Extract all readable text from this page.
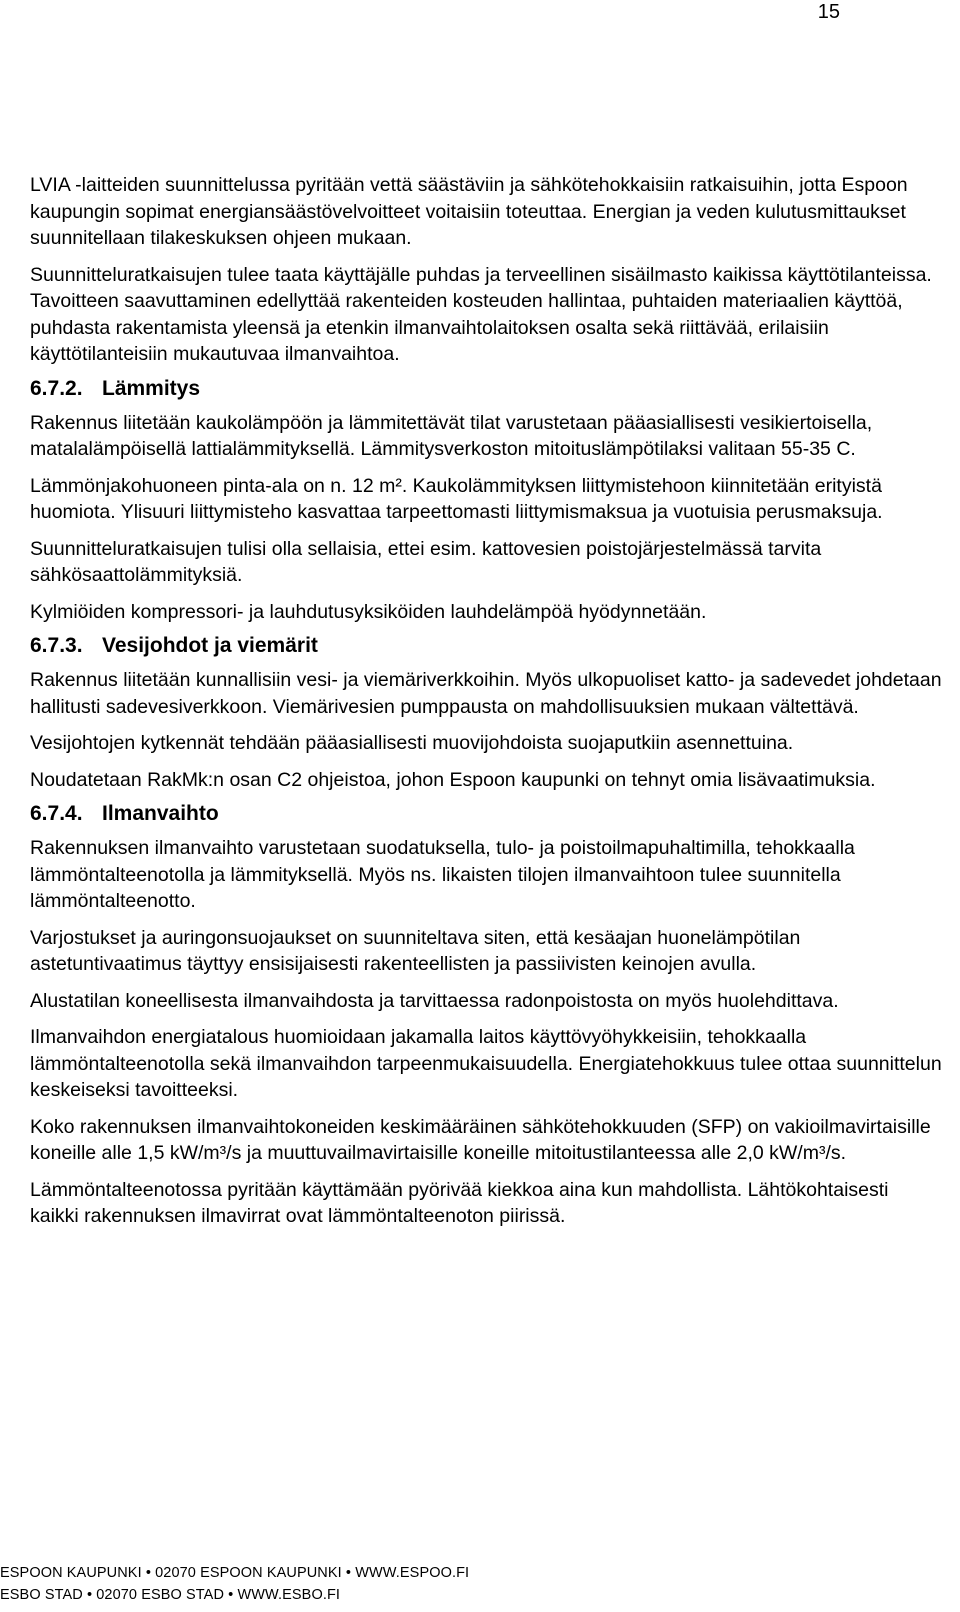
15

LVIA -laitteiden suunnittelussa pyritään vettä säästäviin ja sähkötehokkaisiin ratkaisuihin, jotta Espoon kaupungin sopimat energiansäästövelvoitteet voitaisiin toteuttaa. Energian ja veden kulutusmittaukset suunnitellaan tilakeskuksen ohjeen mukaan.

Suunnitteluratkaisujen tulee taata käyttäjälle puhdas ja terveellinen sisäilmasto kaikissa käyttötilanteissa. Tavoitteen saavuttaminen edellyttää rakenteiden kosteuden hallintaa, puhtaiden materiaalien käyttöä, puhdasta rakentamista yleensä ja etenkin ilmanvaihtolaitoksen osalta sekä riittävää, erilaisiin käyttötilanteisiin mukautuvaa ilmanvaihtoa.

6.7.2. Lämmitys

Rakennus liitetään kaukolämpöön ja lämmitettävät tilat varustetaan pääasiallisesti vesikiertoisella, matalalämpöisellä lattialämmityksellä. Lämmitysverkoston mitoituslämpötilaksi valitaan 55-35 C.

Lämmönjakohuoneen pinta-ala on n. 12 m². Kaukolämmityksen liittymistehoon kiinnitetään erityistä huomiota. Ylisuuri liittymisteho kasvattaa tarpeettomasti liittymismaksua ja vuotuisia perusmaksuja.

Suunnitteluratkaisujen tulisi olla sellaisia, ettei esim. kattovesien poistojärjestelmässä tarvita sähkösaattolämmityksiä.

Kylmiöiden kompressori- ja lauhdutusyksiköiden lauhdelämpöä hyödynnetään.

6.7.3. Vesijohdot ja viemärit

Rakennus liitetään kunnallisiin vesi- ja viemäriverkkoihin. Myös ulkopuoliset katto- ja sadevedet johdetaan hallitusti sadevesiverkkoon. Viemärivesien pumppausta on mahdollisuuksien mukaan vältettävä.

Vesijohtojen kytkennät tehdään pääasiallisesti muovijohdoista suojaputkiin asennettuina.

Noudatetaan RakMk:n osan C2 ohjeistoa, johon Espoon kaupunki on tehnyt omia lisävaatimuksia.

6.7.4. Ilmanvaihto

Rakennuksen ilmanvaihto varustetaan suodatuksella, tulo- ja poistoilmapuhaltimilla, tehokkaalla lämmöntalteenotolla ja lämmityksellä. Myös ns. likaisten tilojen ilmanvaihtoon tulee suunnitella lämmöntalteenotto.

Varjostukset ja auringonsuojaukset on suunniteltava siten, että kesäajan huonelämpötilan astetuntivaatimus täyttyy ensisijaisesti rakenteellisten ja passiivisten keinojen avulla.

Alustatilan koneellisesta ilmanvaihdosta ja tarvittaessa radonpoistosta on myös huolehdittava.

Ilmanvaihdon energiatalous huomioidaan jakamalla laitos käyttövyöhykkeisiin, tehokkaalla lämmöntalteenotolla sekä ilmanvaihdon tarpeenmukaisuudella. Energiatehokkuus tulee ottaa suunnittelun keskeiseksi tavoitteeksi.

Koko rakennuksen ilmanvaihtokoneiden keskimääräinen sähkötehokkuuden (SFP) on vakioilmavirtaisille koneille alle 1,5 kW/m³/s ja muuttuvailmavirtaisille koneille mitoitustilanteessa alle 2,0 kW/m³/s.

Lämmöntalteenotossa pyritään käyttämään pyörivää kiekkoa aina kun mahdollista. Lähtökohtaisesti kaikki rakennuksen ilmavirrat ovat lämmöntalteenoton piirissä.

ESPOON KAUPUNKI • 02070 ESPOON KAUPUNKI • WWW.ESPOO.FI
ESBO STAD • 02070 ESBO STAD • WWW.ESBO.FI
